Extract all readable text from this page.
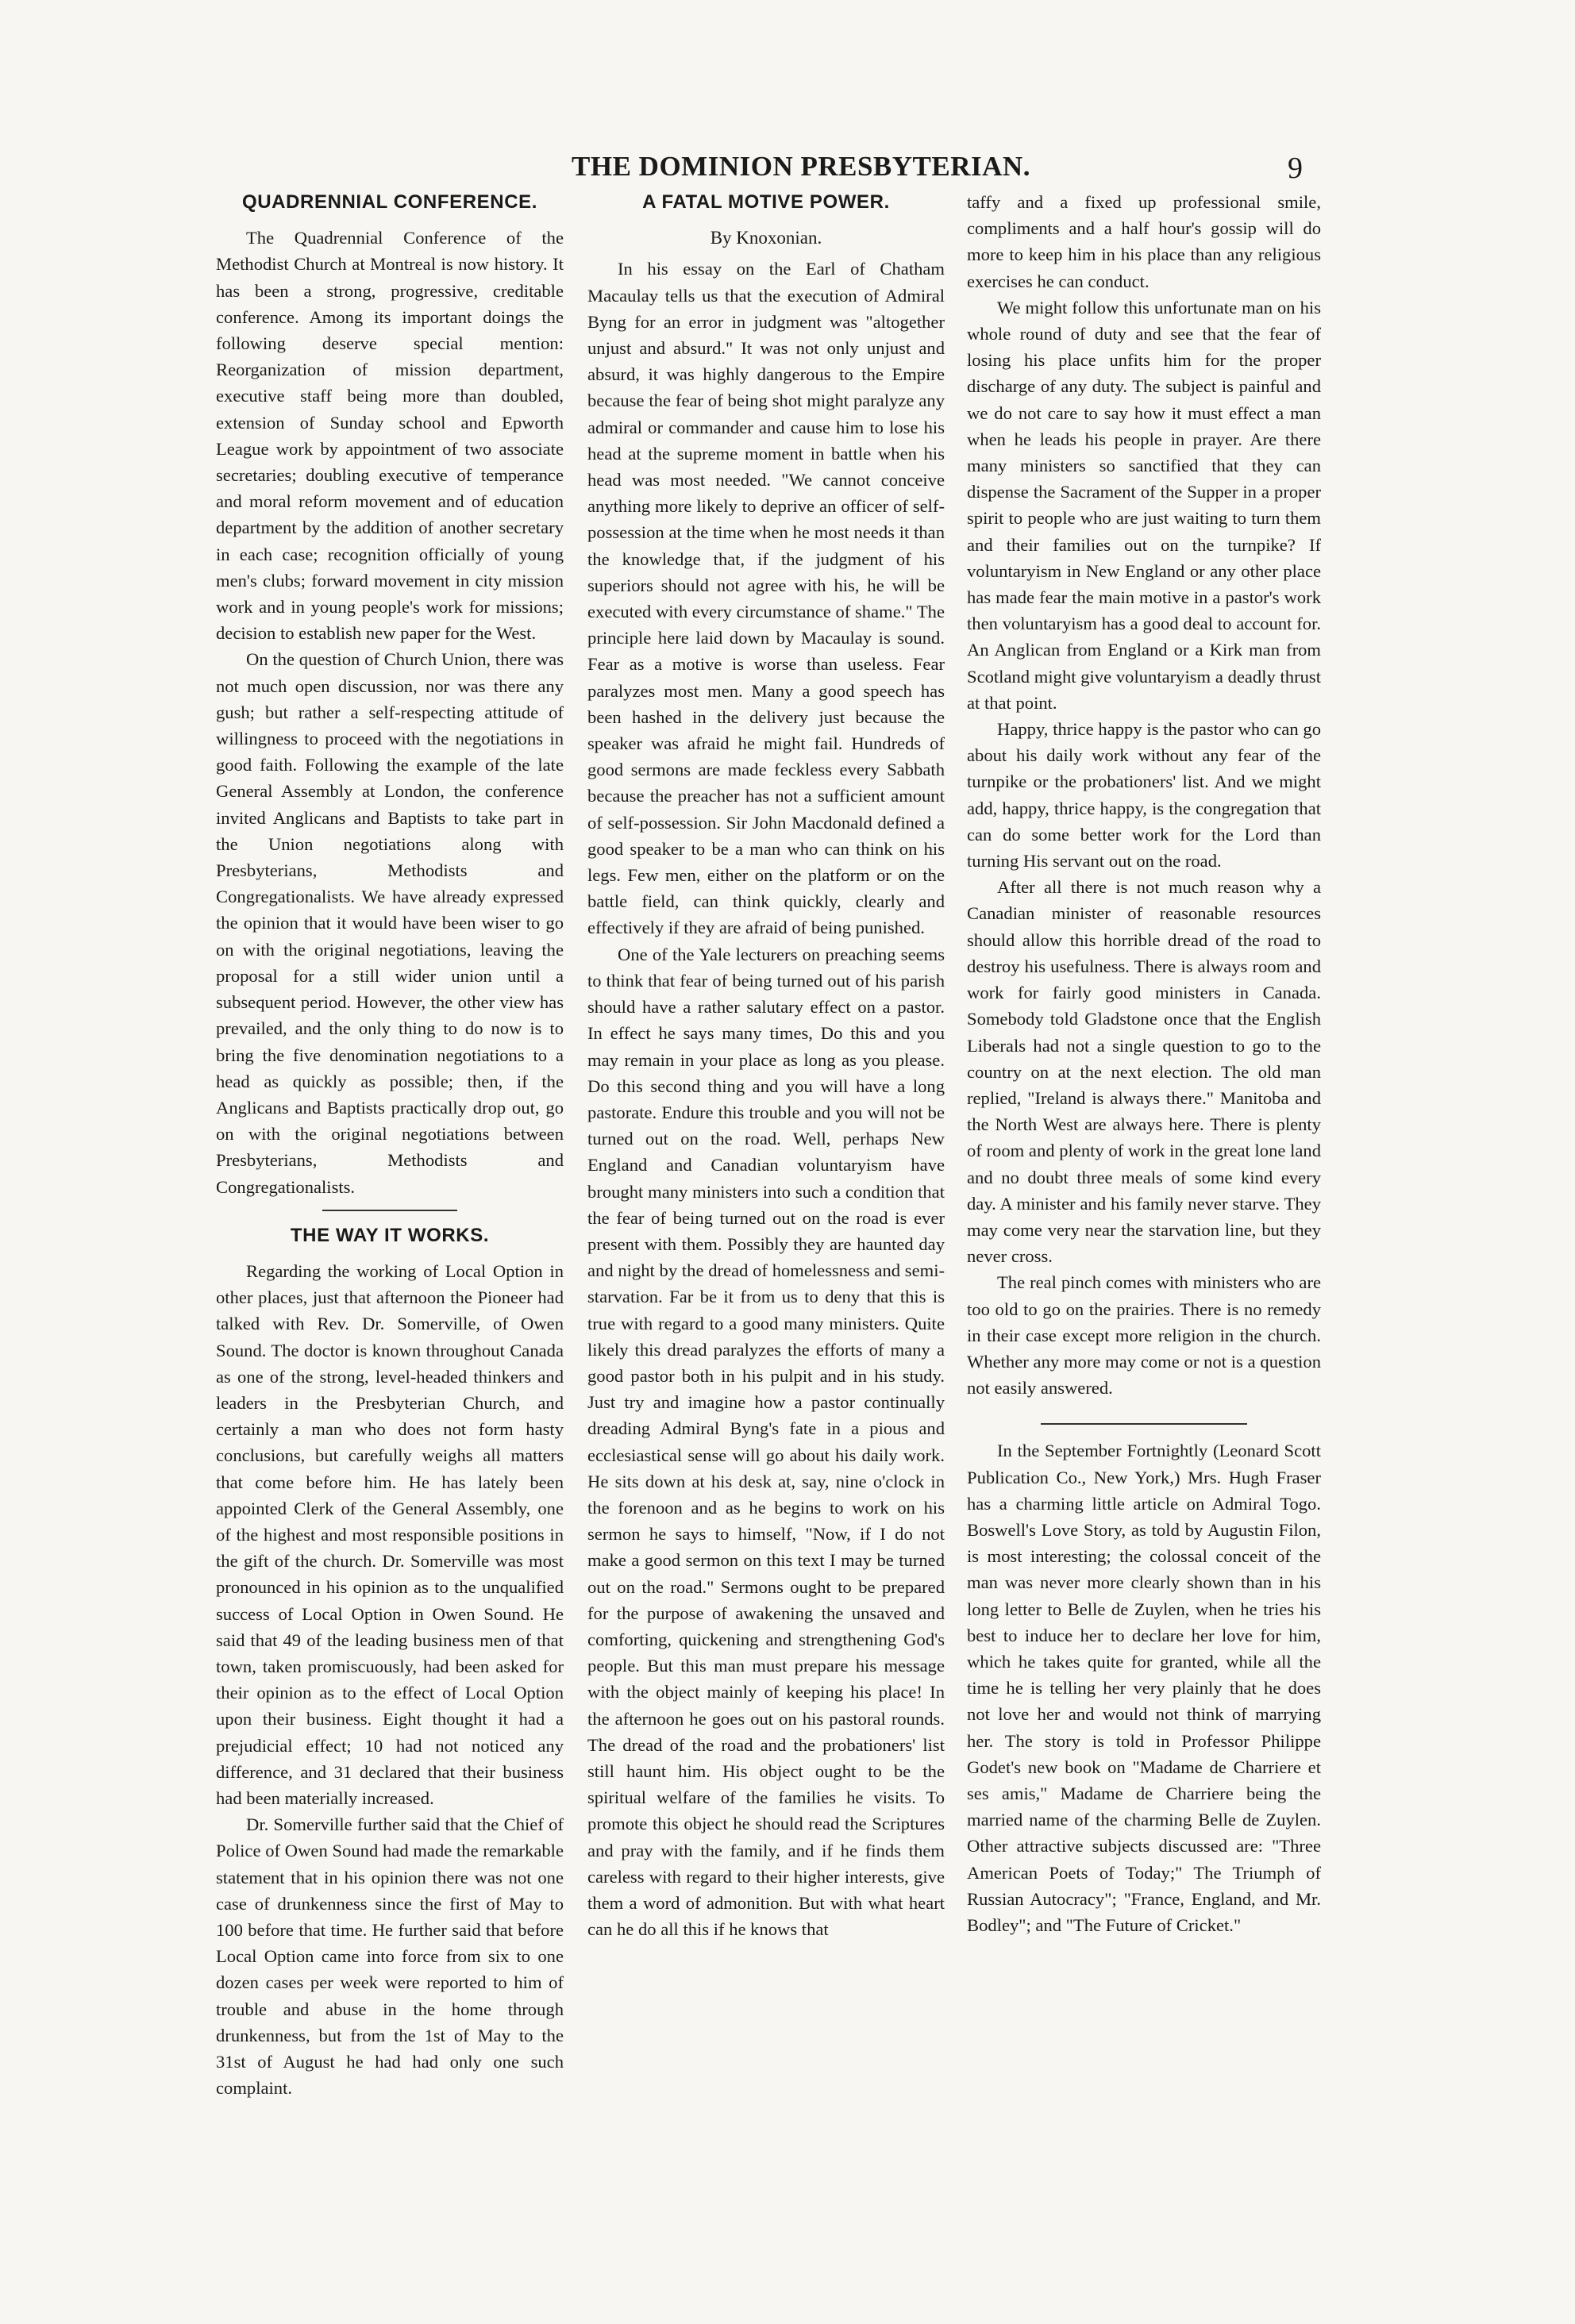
THE DOMINION PRESBYTERIAN.	9
QUADRENNIAL CONFERENCE.

The Quadrennial Conference of the Methodist Church at Montreal is now history. It has been a strong, progressive, creditable conference. Among its important doings the following deserve special mention: Reorganization of mission department, executive staff being more than doubled, extension of Sunday school and Epworth League work by appointment of two associate secretaries; doubling executive of temperance and moral reform movement and of education department by the addition of another secretary in each case; recognition officially of young men's clubs; forward movement in city mission work and in young people's work for missions; decision to establish new paper for the West.

On the question of Church Union, there was not much open discussion, nor was there any gush; but rather a self-respecting attitude of willingness to proceed with the negotiations in good faith. Following the example of the late General Assembly at London, the conference invited Anglicans and Baptists to take part in the Union negotiations along with Presbyterians, Methodists and Congregationalists. We have already expressed the opinion that it would have been wiser to go on with the original negotiations, leaving the proposal for a still wider union until a subsequent period. However, the other view has prevailed, and the only thing to do now is to bring the five denomination negotiations to a head as quickly as possible; then, if the Anglicans and Baptists practically drop out, go on with the original negotiations between Presbyterians, Methodists and Congregationalists.

THE WAY IT WORKS.

Regarding the working of Local Option in other places, just that afternoon the Pioneer had talked with Rev. Dr. Somerville, of Owen Sound. The doctor is known throughout Canada as one of the strong, level-headed thinkers and leaders in the Presbyterian Church, and certainly a man who does not form hasty conclusions, but carefully weighs all matters that come before him. He has lately been appointed Clerk of the General Assembly, one of the highest and most responsible positions in the gift of the church. Dr. Somerville was most pronounced in his opinion as to the unqualified success of Local Option in Owen Sound. He said that 49 of the leading business men of that town, taken promiscuously, had been asked for their opinion as to the effect of Local Option upon their business. Eight thought it had a prejudicial effect; 10 had not noticed any difference, and 31 declared that their business had been materially increased.

Dr. Somerville further said that the Chief of Police of Owen Sound had made the remarkable statement that in his opinion there was not one case of drunkenness since the first of May to 100 before that time. He further said that before Local Option came into force from six to one dozen cases per week were reported to him of trouble and abuse in the home through drunkenness, but from the 1st of May to the 31st of August he had had only one such complaint.

A FATAL MOTIVE POWER.
By Knoxonian.

In his essay on the Earl of Chatham Macaulay tells us that the execution of Admiral Byng for an error in judgment was "altogether unjust and absurd." It was not only unjust and absurd, it was highly dangerous to the Empire because the fear of being shot might paralyze any admiral or commander and cause him to lose his head at the supreme moment in battle when his head was most needed. "We cannot conceive anything more likely to deprive an officer of self-possession at the time when he most needs it than the knowledge that, if the judgment of his superiors should not agree with his, he will be executed with every circumstance of shame." The principle here laid down by Macaulay is sound. Fear as a motive is worse than useless. Fear paralyzes most men. Many a good speech has been hashed in the delivery just because the speaker was afraid he might fail. Hundreds of good sermons are made feckless every Sabbath because the preacher has not a sufficient amount of self-possession. Sir John Macdonald defined a good speaker to be a man who can think on his legs. Few men, either on the platform or on the battle field, can think quickly, clearly and effectively if they are afraid of being punished.

One of the Yale lecturers on preaching seems to think that fear of being turned out of his parish should have a rather salutary effect on a pastor. In effect he says many times, Do this and you may remain in your place as long as you please. Do this second thing and you will have a long pastorate. Endure this trouble and you will not be turned out on the road. Well, perhaps New England and Canadian voluntaryism have brought many ministers into such a condition that the fear of being turned out on the road is ever present with them. Possibly they are haunted day and night by the dread of homelessness and semi-starvation. Far be it from us to deny that this is true with regard to a good many ministers. Quite likely this dread paralyzes the efforts of many a good pastor both in his pulpit and in his study. Just try and imagine how a pastor continually dreading Admiral Byng's fate in a pious and ecclesiastical sense will go about his daily work. He sits down at his desk at, say, nine o'clock in the forenoon and as he begins to work on his sermon he says to himself, "Now, if I do not make a good sermon on this text I may be turned out on the road." Sermons ought to be prepared for the purpose of awakening the unsaved and comforting, quickening and strengthening God's people. But this man must prepare his message with the object mainly of keeping his place! In the afternoon he goes out on his pastoral rounds. The dread of the road and the probationers' list still haunt him. His object ought to be the spiritual welfare of the families he visits. To promote this object he should read the Scriptures and pray with the family, and if he finds them careless with regard to their higher interests, give them a word of admonition. But with what heart can he do all this if he knows that

taffy and a fixed up professional smile, compliments and a half hour's gossip will do more to keep him in his place than any religious exercises he can conduct.

We might follow this unfortunate man on his whole round of duty and see that the fear of losing his place unfits him for the proper discharge of any duty. The subject is painful and we do not care to say how it must effect a man when he leads his people in prayer. Are there many ministers so sanctified that they can dispense the Sacrament of the Supper in a proper spirit to people who are just waiting to turn them and their families out on the turnpike? If voluntaryism in New England or any other place has made fear the main motive in a pastor's work then voluntaryism has a good deal to account for. An Anglican from England or a Kirk man from Scotland might give voluntaryism a deadly thrust at that point.

Happy, thrice happy is the pastor who can go about his daily work without any fear of the turnpike or the probationers' list. And we might add, happy, thrice happy, is the congregation that can do some better work for the Lord than turning His servant out on the road.

After all there is not much reason why a Canadian minister of reasonable resources should allow this horrible dread of the road to destroy his usefulness. There is always room and work for fairly good ministers in Canada. Somebody told Gladstone once that the English Liberals had not a single question to go to the country on at the next election. The old man replied, "Ireland is always there." Manitoba and the North West are always here. There is plenty of room and plenty of work in the great lone land and no doubt three meals of some kind every day. A minister and his family never starve. They may come very near the starvation line, but they never cross.

The real pinch comes with ministers who are too old to go on the prairies. There is no remedy in their case except more religion in the church. Whether any more may come or not is a question not easily answered.

In the September Fortnightly (Leonard Scott Publication Co., New York,) Mrs. Hugh Fraser has a charming little article on Admiral Togo. Boswell's Love Story, as told by Augustin Filon, is most interesting; the colossal conceit of the man was never more clearly shown than in his long letter to Belle de Zuylen, when he tries his best to induce her to declare her love for him, which he takes quite for granted, while all the time he is telling her very plainly that he does not love her and would not think of marrying her. The story is told in Professor Philippe Godet's new book on "Madame de Charriere et ses amis," Madame de Charriere being the married name of the charming Belle de Zuylen. Other attractive subjects discussed are: "Three American Poets of Today;" The Triumph of Russian Autocracy"; "France, England, and Mr. Bodley"; and "The Future of Cricket."
